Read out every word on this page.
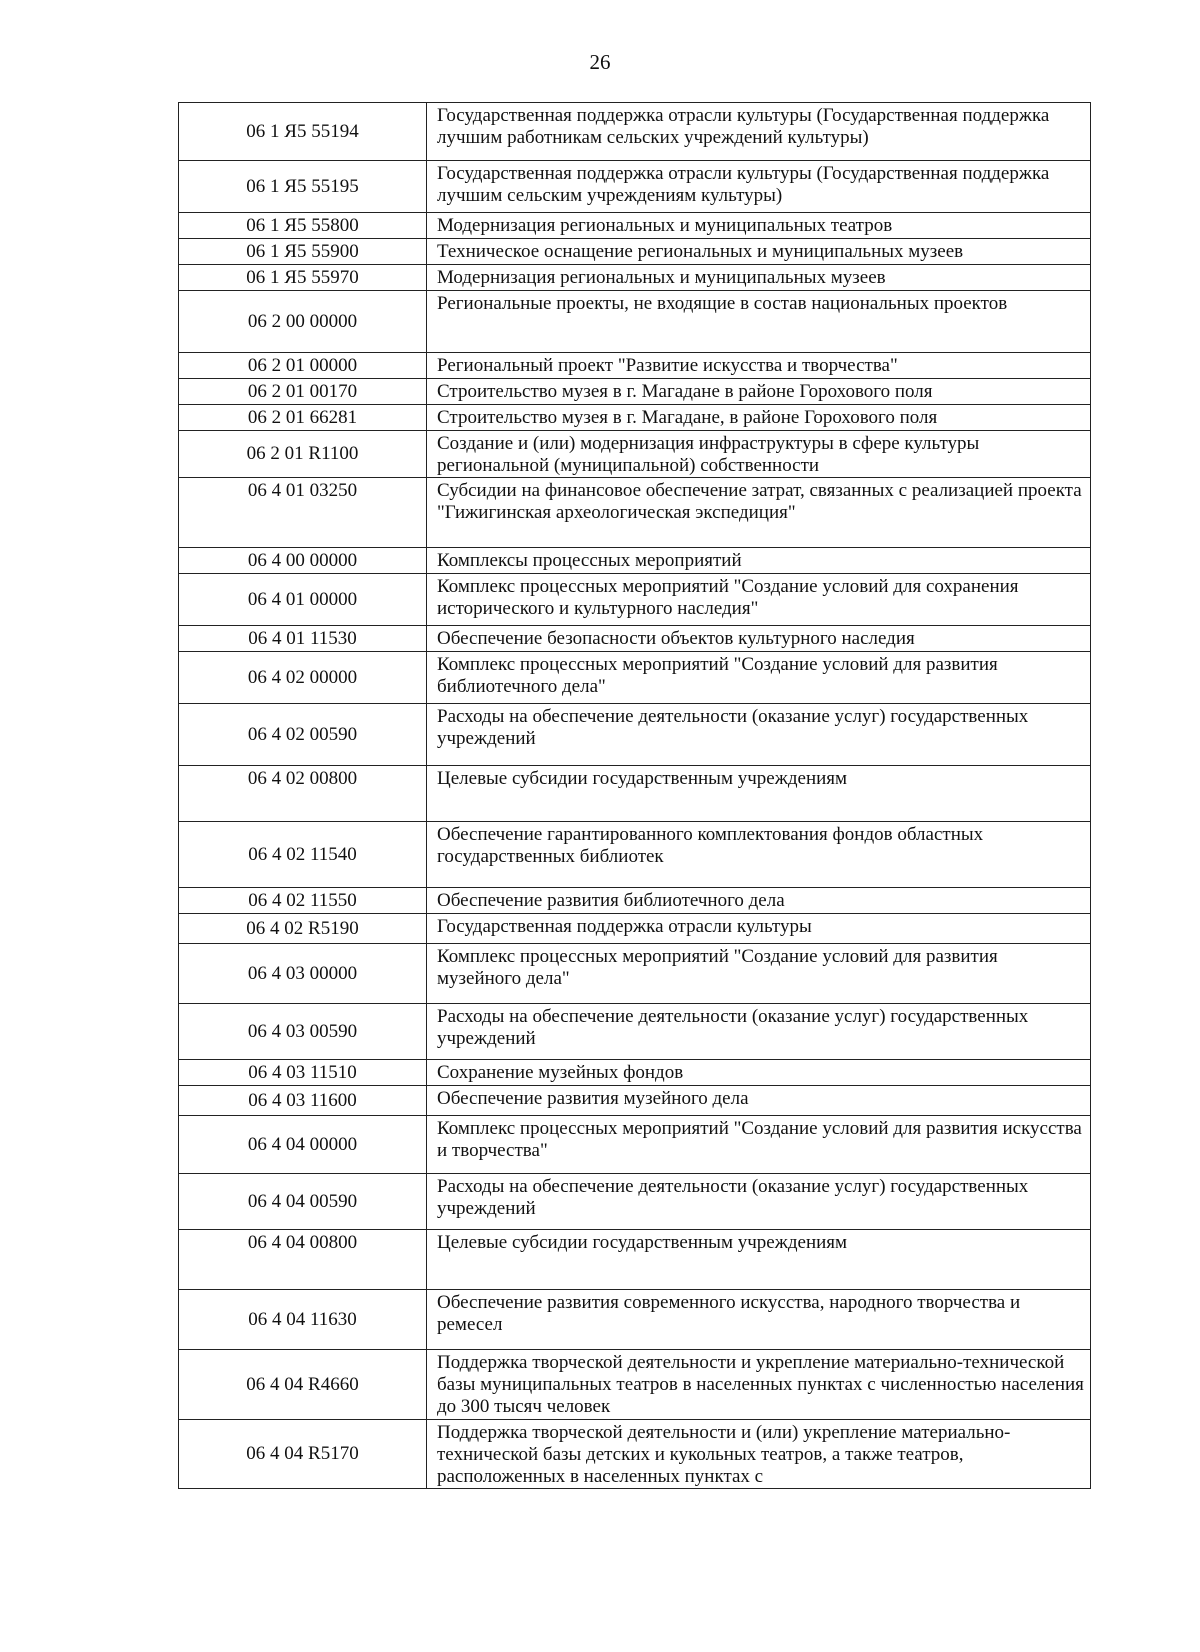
26
06 1 Я5 55194	Государственная поддержка отрасли культуры (Государственная поддержка лучшим работникам сельских учреждений культуры)
06 1 Я5 55195	Государственная поддержка отрасли культуры (Государственная поддержка лучшим сельским учреждениям культуры)
06 1 Я5 55800	Модернизация региональных и муниципальных театров
06 1 Я5 55900	Техническое оснащение региональных и муниципальных музеев
06 1 Я5 55970	Модернизация региональных и муниципальных музеев
06 2 00 00000	Региональные проекты, не входящие в состав национальных проектов
06 2 01 00000	Региональный проект "Развитие искусства и творчества"
06 2 01 00170	Строительство музея в г. Магадане в районе Горохового поля
06 2 01 66281	Строительство музея в г. Магадане, в районе Горохового поля
06 2 01 R1100	Создание и (или) модернизация инфраструктуры в сфере культуры региональной (муниципальной) собственности
06 4 01 03250	Субсидии на финансовое обеспечение затрат, связанных с реализацией проекта "Гижигинская археологическая экспедиция"
06 4 00 00000	Комплексы процессных мероприятий
06 4 01 00000	Комплекс процессных мероприятий "Создание условий для сохранения исторического и культурного наследия"
06 4 01 11530	Обеспечение безопасности объектов культурного наследия
06 4 02 00000	Комплекс процессных мероприятий "Создание условий для развития библиотечного дела"
06 4 02 00590	Расходы на обеспечение деятельности (оказание услуг) государственных учреждений
06 4 02 00800	Целевые субсидии государственным учреждениям
06 4 02 11540	Обеспечение гарантированного комплектования фондов областных государственных библиотек
06 4 02 11550	Обеспечение развития библиотечного дела
06 4 02 R5190	Государственная поддержка отрасли культуры
06 4 03 00000	Комплекс процессных мероприятий "Создание условий для развития музейного дела"
06 4 03 00590	Расходы на обеспечение деятельности (оказание услуг) государственных учреждений
06 4 03 11510	Сохранение музейных фондов
06 4 03 11600	Обеспечение развития музейного дела
06 4 04 00000	Комплекс процессных мероприятий "Создание условий для развития искусства и творчества"
06 4 04 00590	Расходы на обеспечение деятельности (оказание услуг) государственных учреждений
06 4 04 00800	Целевые субсидии государственным учреждениям
06 4 04 11630	Обеспечение развития современного искусства, народного творчества и ремесел
06 4 04 R4660	Поддержка творческой деятельности и укрепление материально-технической базы муниципальных театров в населенных пунктах с численностью населения до 300 тысяч человек
06 4 04 R5170	Поддержка творческой деятельности и (или) укрепление материально-технической базы детских и кукольных театров, а также театров, расположенных в населенных пунктах с
